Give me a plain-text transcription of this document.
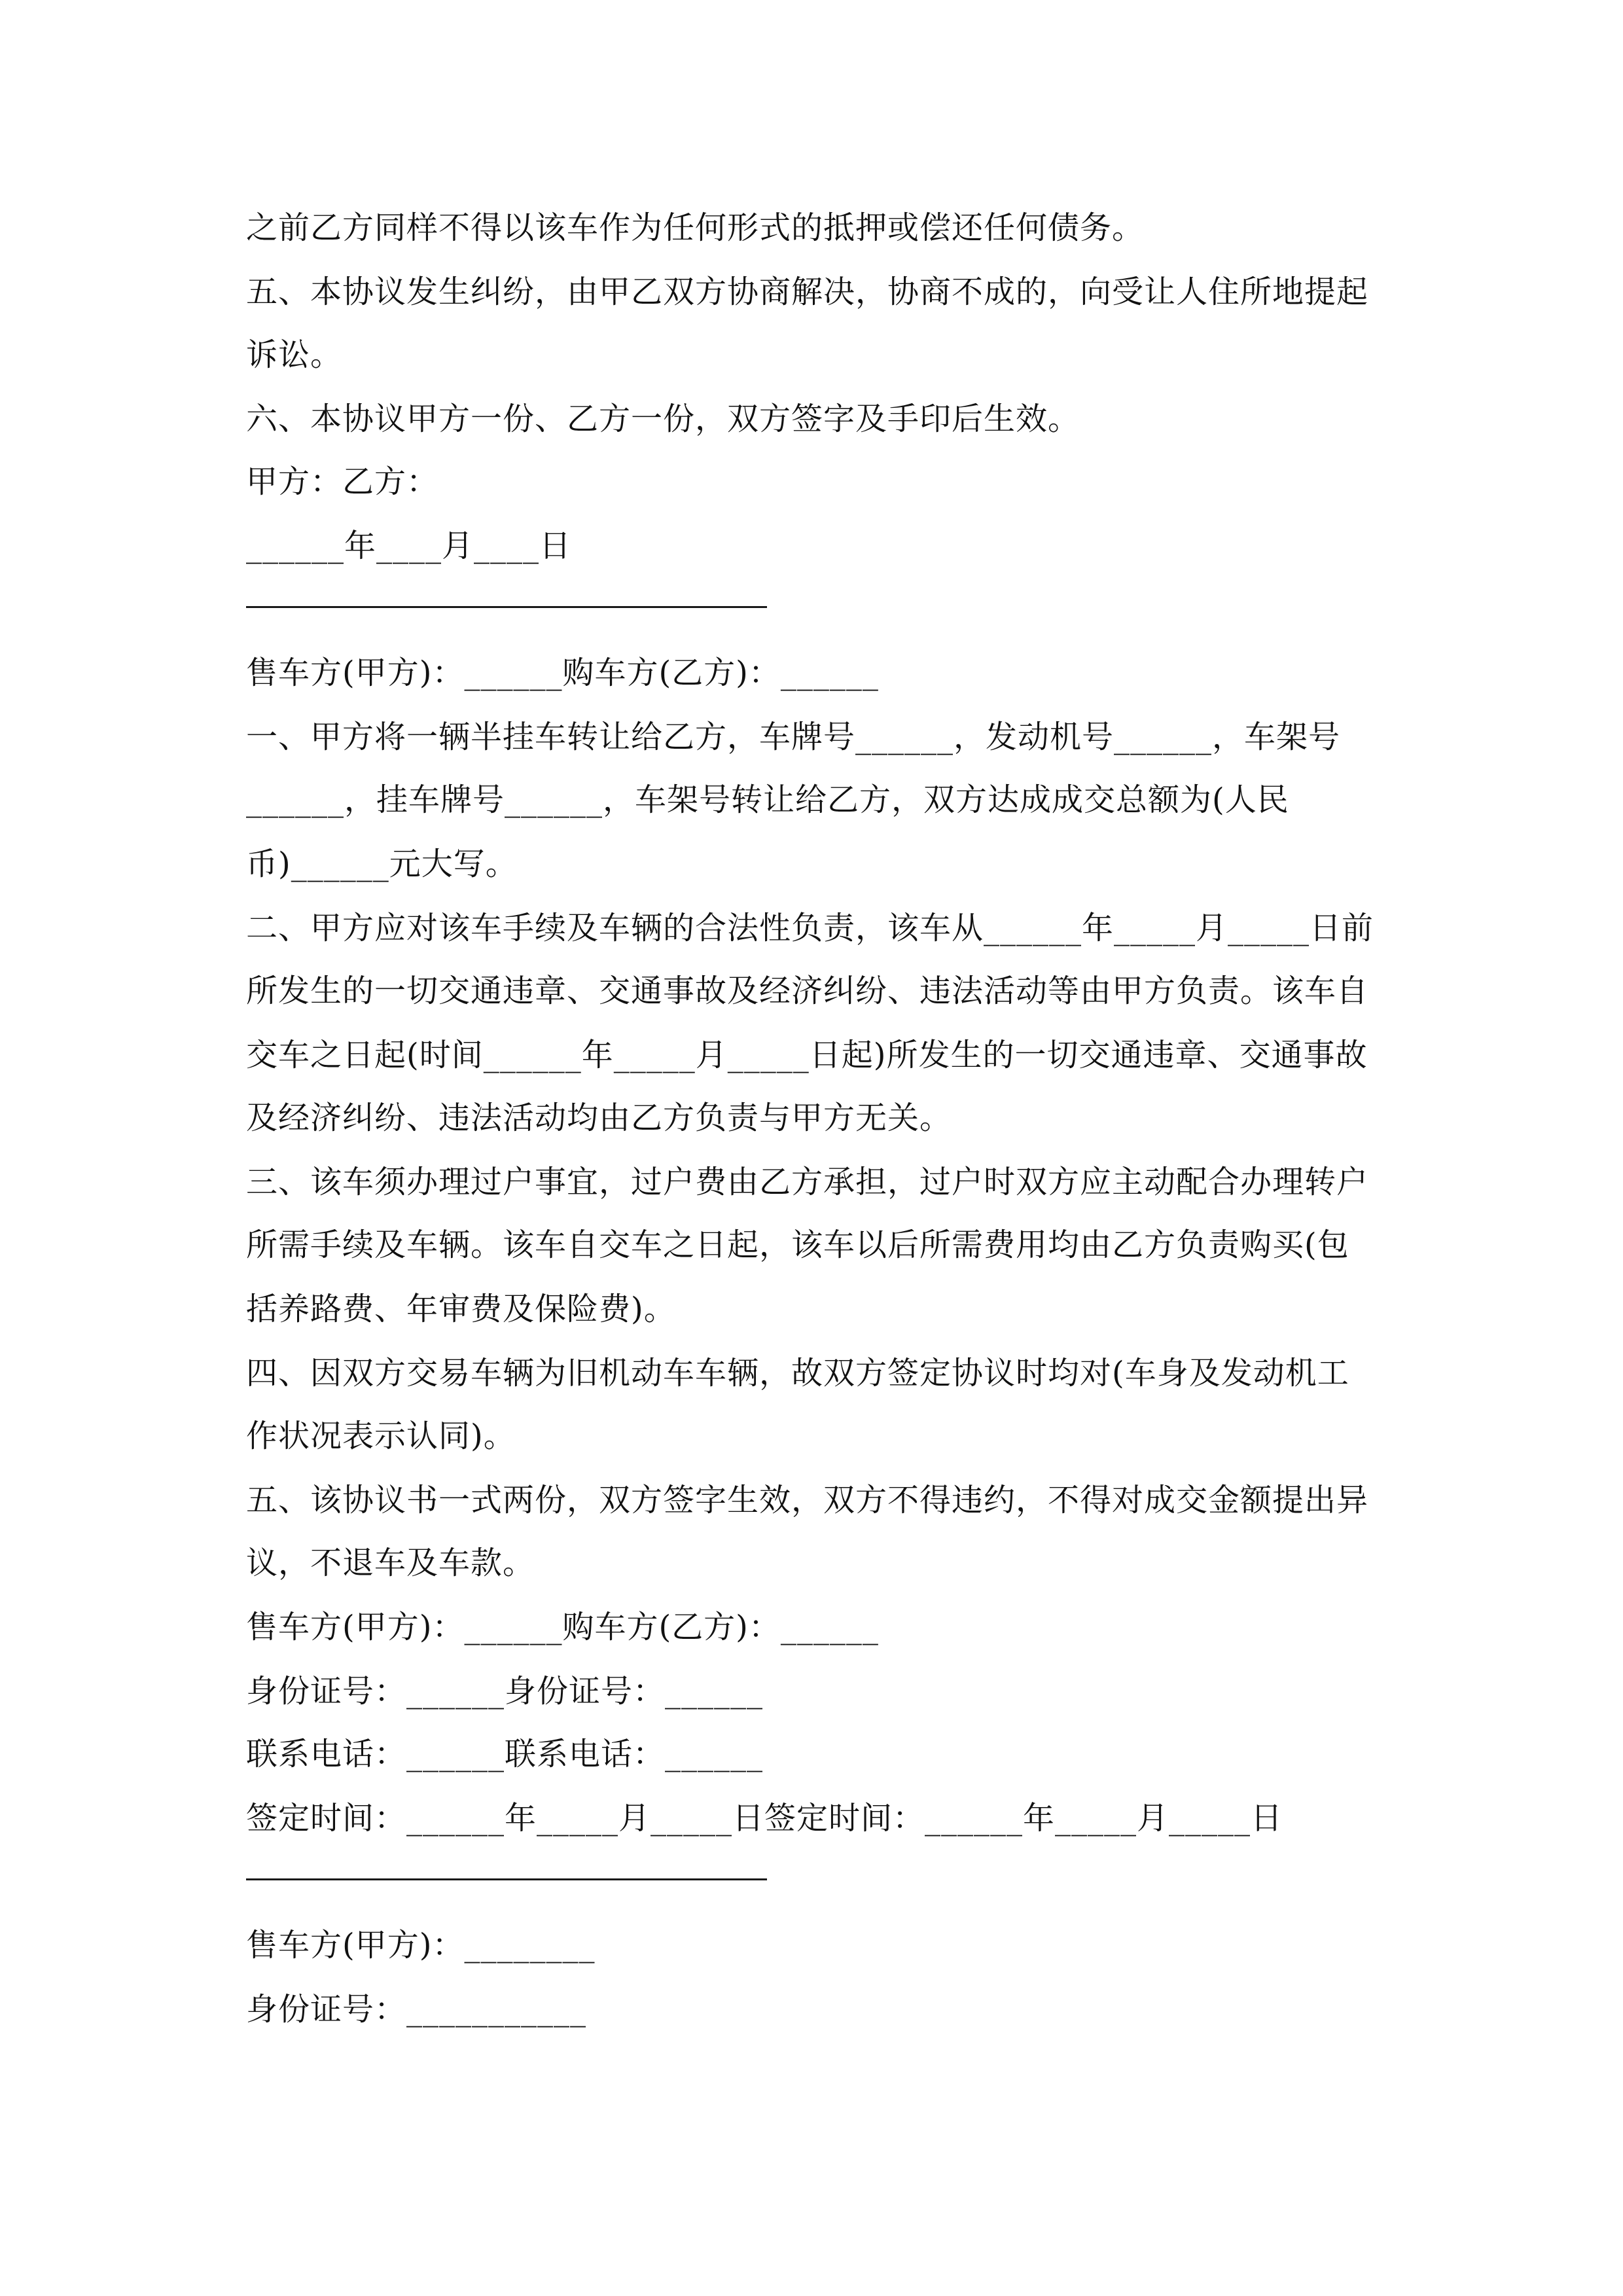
之前乙方同样不得以该车作为任何形式的抵押或偿还任何债务。
五、本协议发生纠纷，由甲乙双方协商解决，协商不成的，向受让人住所地提起
诉讼。
六、本协议甲方一份、乙方一份，双方签字及手印后生效。
甲方：乙方：
______年____月____日
售车方(甲方)：______购车方(乙方)：______
一、甲方将一辆半挂车转让给乙方，车牌号______，发动机号______，车架号
______，挂车牌号______，车架号转让给乙方，双方达成成交总额为(人民
币)______元大写。
二、甲方应对该车手续及车辆的合法性负责，该车从______年_____月_____日前
所发生的一切交通违章、交通事故及经济纠纷、违法活动等由甲方负责。该车自
交车之日起(时间______年_____月_____日起)所发生的一切交通违章、交通事故
及经济纠纷、违法活动均由乙方负责与甲方无关。
三、该车须办理过户事宜，过户费由乙方承担，过户时双方应主动配合办理转户
所需手续及车辆。该车自交车之日起，该车以后所需费用均由乙方负责购买(包
括养路费、年审费及保险费)。
四、因双方交易车辆为旧机动车车辆，故双方签定协议时均对(车身及发动机工
作状况表示认同)。
五、该协议书一式两份，双方签字生效，双方不得违约，不得对成交金额提出异
议，不退车及车款。
售车方(甲方)：______购车方(乙方)：______
身份证号：______身份证号：______
联系电话：______联系电话：______
签定时间：______年_____月_____日签定时间：______年_____月_____日
售车方(甲方)：________
身份证号：___________
